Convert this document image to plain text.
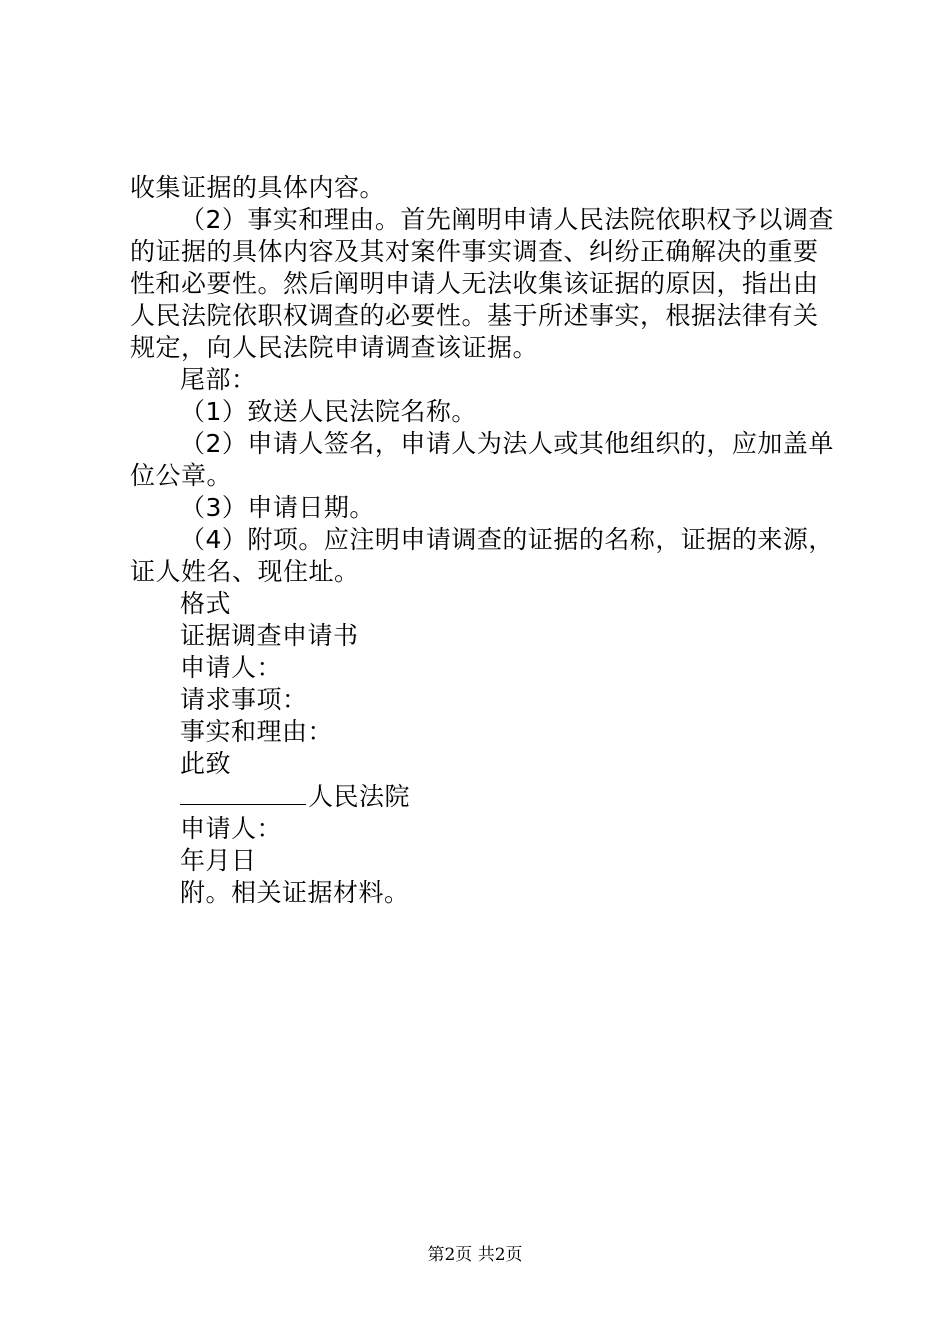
收集证据的具体内容。

（2）事实和理由。首先阐明申请人民法院依职权予以调查
的证据的具体内容及其对案件事实调查、纠纷正确解决的重要
性和必要性。然后阐明申请人无法收集该证据的原因，指出由
人民法院依职权调查的必要性。基于所述事实，根据法律有关
规定，向人民法院申请调查该证据。

尾部：
（1）致送人民法院名称。
（2）申请人签名，申请人为法人或其他组织的，应加盖单
位公章。
（3）申请日期。
（4）附项。应注明申请调查的证据的名称，证据的来源，
证人姓名、现住址。

格式
证据调查申请书
申请人：
请求事项：
事实和理由：
此致
人民法院
申请人：
年月日
附。相关证据材料。

第2页 共2页
